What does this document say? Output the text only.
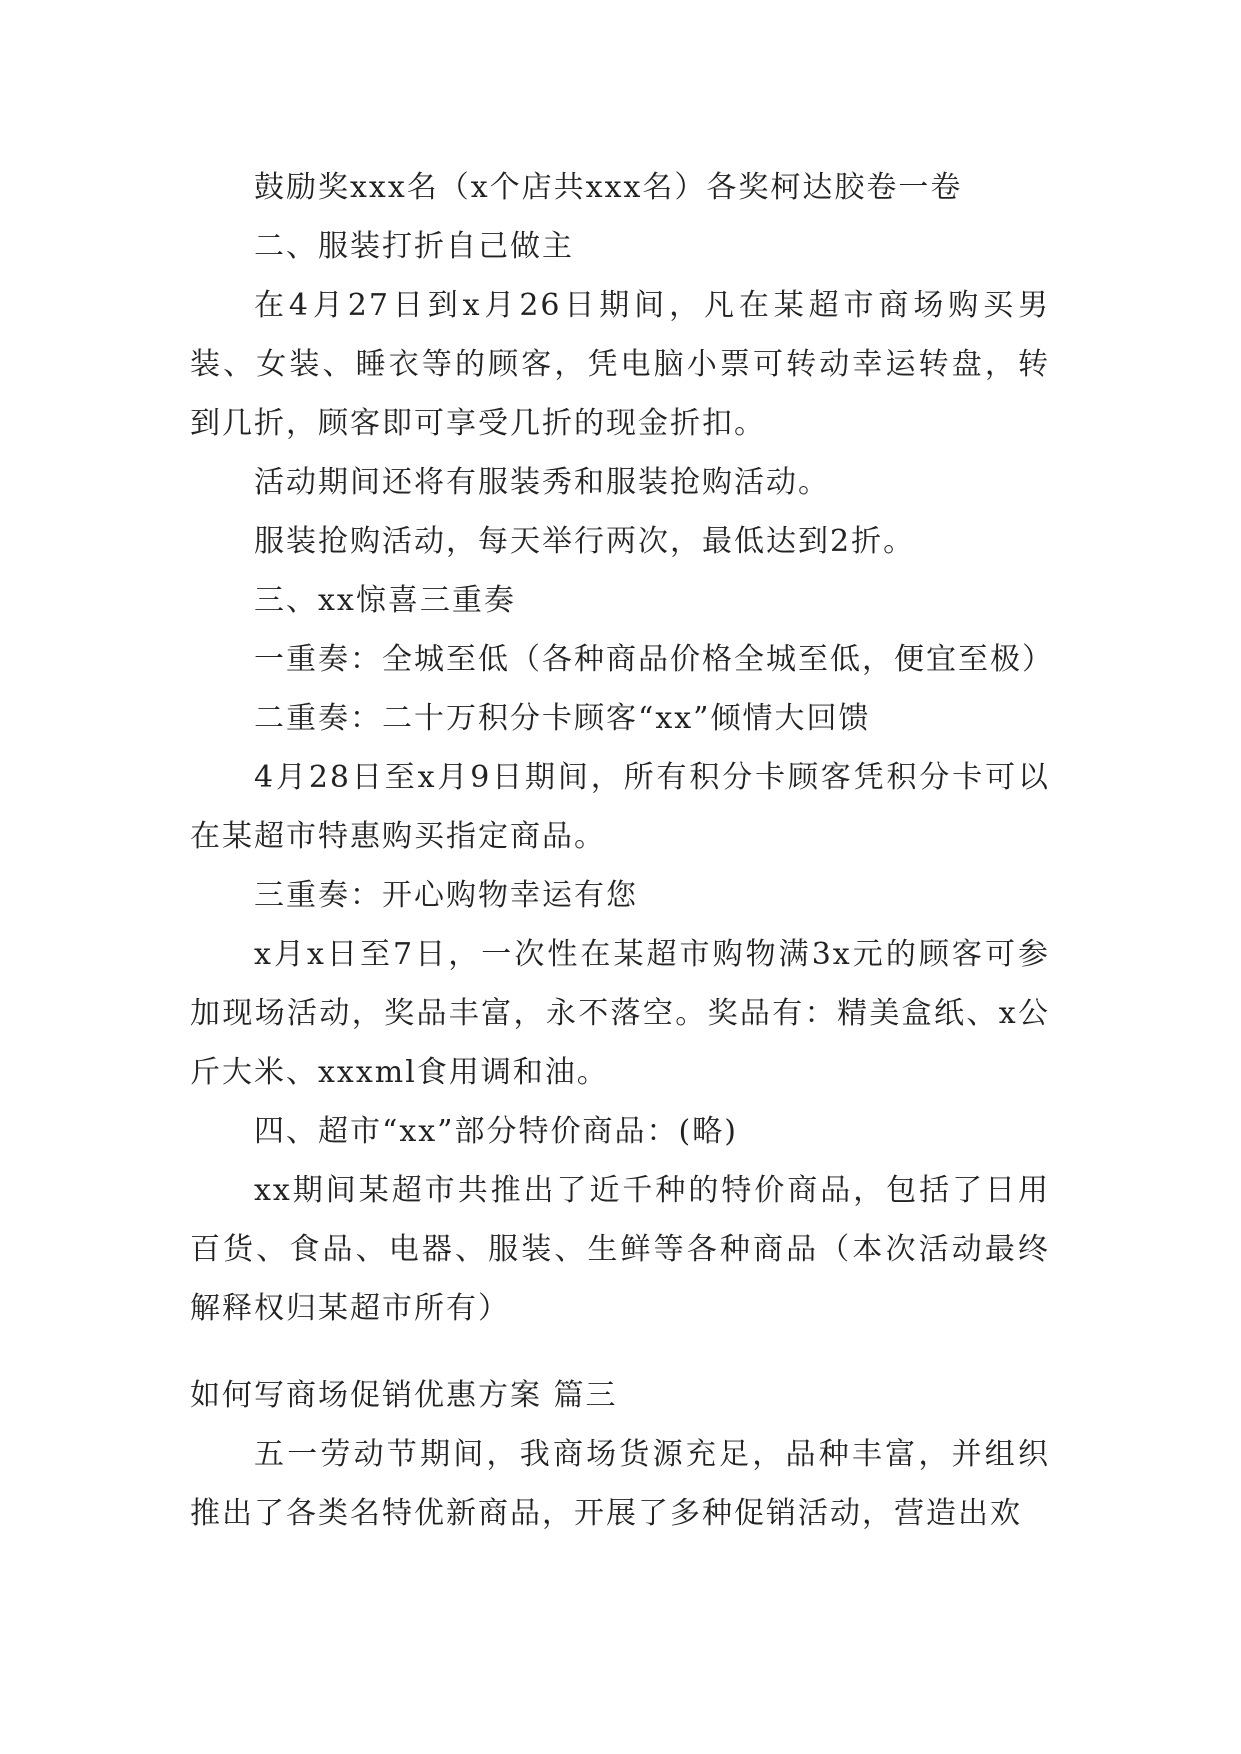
鼓励奖xxx名（x个店共xxx名）各奖柯达胶卷一卷

二、服装打折自己做主

在4月27日到x月26日期间，凡在某超市商场购买男装、女装、睡衣等的顾客，凭电脑小票可转动幸运转盘，转到几折，顾客即可享受几折的现金折扣。

活动期间还将有服装秀和服装抢购活动。

服装抢购活动，每天举行两次，最低达到2折。

三、xx惊喜三重奏

一重奏：全城至低（各种商品价格全城至低，便宜至极）

二重奏：二十万积分卡顾客“xx”倾情大回馈

4月28日至x月9日期间，所有积分卡顾客凭积分卡可以在某超市特惠购买指定商品。

三重奏：开心购物幸运有您

x月x日至7日，一次性在某超市购物满3x元的顾客可参加现场活动，奖品丰富，永不落空。奖品有：精美盒纸、x公斤大米、xxxml食用调和油。

四、超市“xx”部分特价商品：(略)

xx期间某超市共推出了近千种的特价商品，包括了日用百货、食品、电器、服装、生鲜等各种商品（本次活动最终解释权归某超市所有）

如何写商场促销优惠方案 篇三

五一劳动节期间，我商场货源充足，品种丰富，并组织推出了各类名特优新商品，开展了多种促销活动，营造出欢
